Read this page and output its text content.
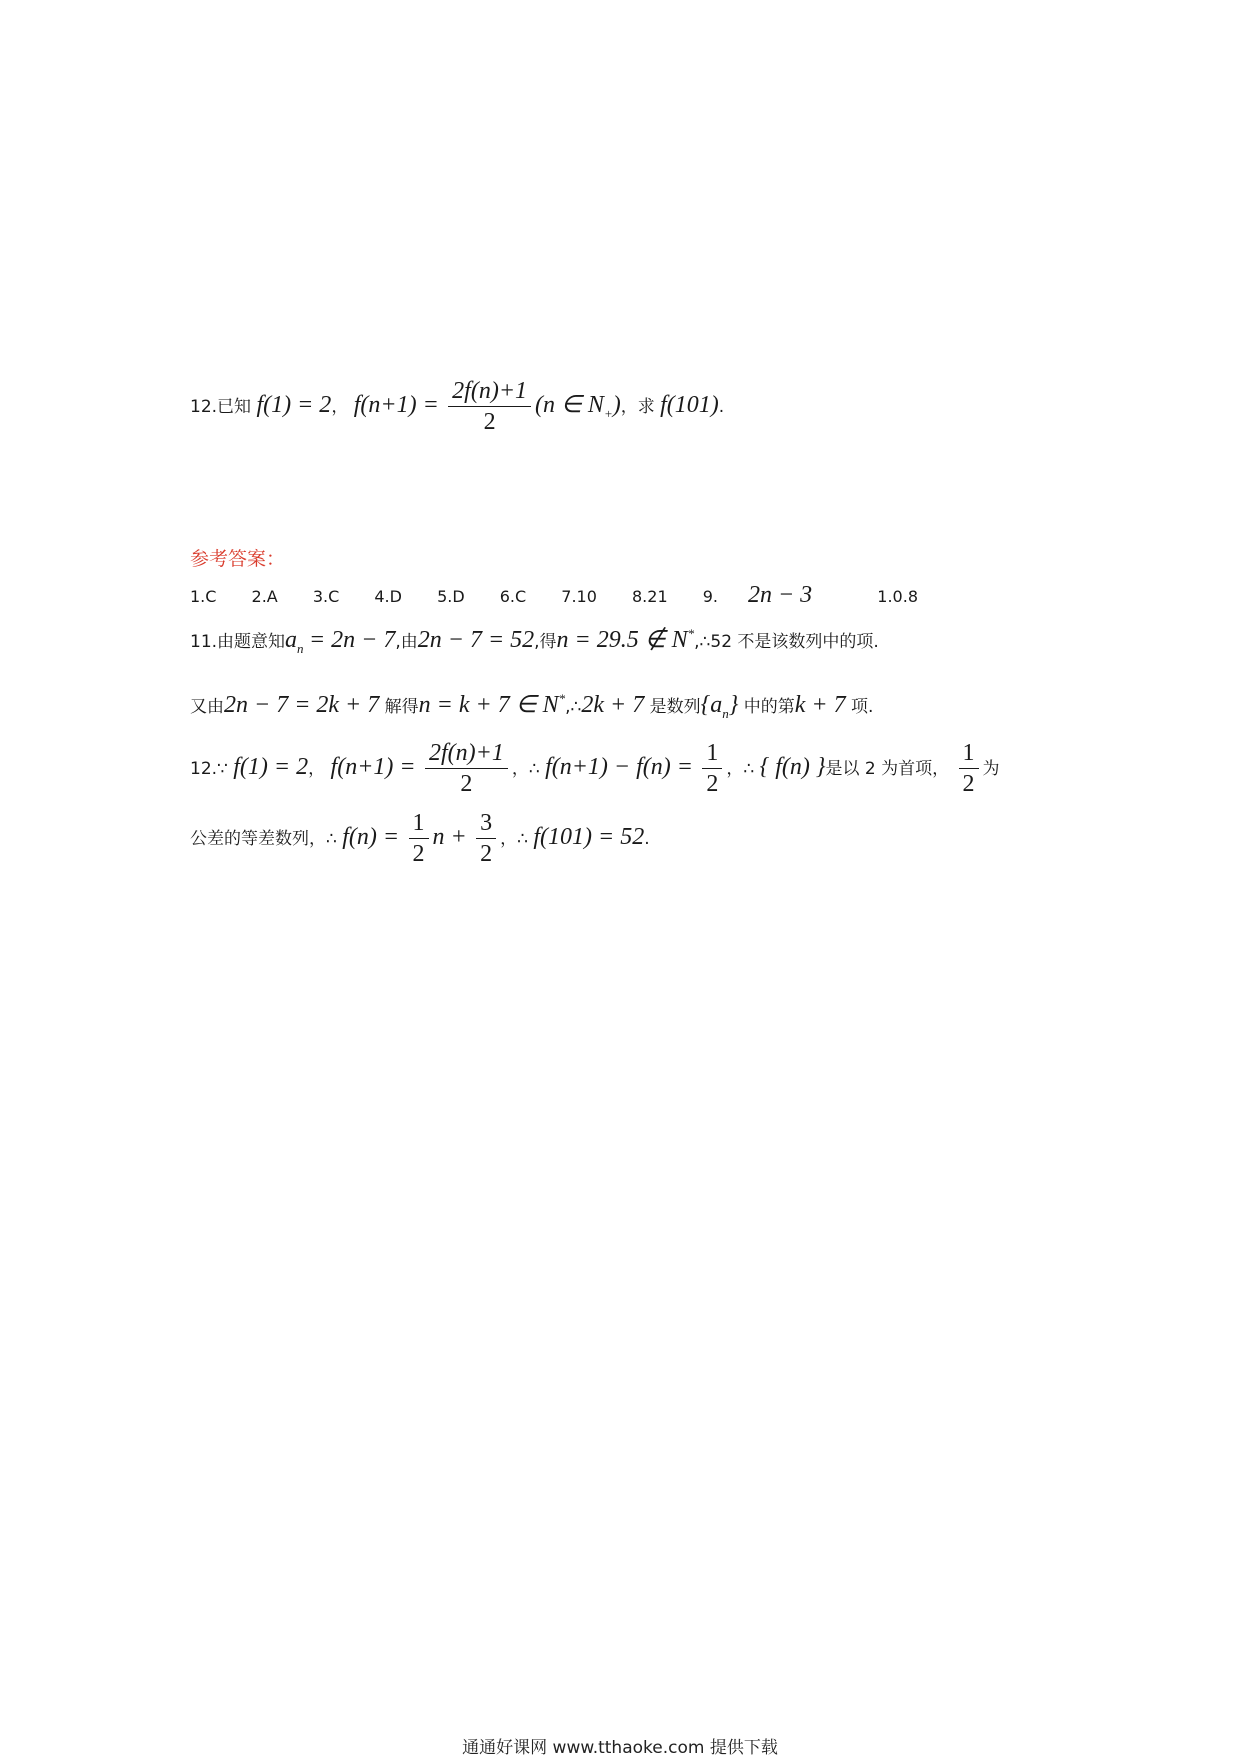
12.已知 f(1) = 2， $f(n+1) = \frac{2f(n)+1}{2} (n$ ∈ $N_+$)，求 f(101).
参考答案：
1.C 2.A 3.C 4.D 5.D 6.C 7.10 8.21 9. 2n − 3	1.0.8
11.由题意知$a_n = 2n - 7$,由2n − 7 = 52,得n = 29.5 ∉ N*,∴52 不是该数列中的项.
又由2n − 7 = 2k + 7 解得n = k + 7 ∈ N*,∴2k + 7 是数列$\{a_n\}$ 中的第k + 7 项.
12.∵ f(1) = 2， $f(n+1) = \frac{2f(n)+1}{2}$ ，∴ $f(n+1) - f(n) = \frac{1}{2}$ ，∴ { f(n) }是以 2 为首项， $\frac{1}{2}$ 为
公差的等差数列，∴ $f(n) = \frac{1}{2}$ $n + \frac{3}{2}$ ，∴ f(101) = 52.
通通好课网 www.tthaoke.com 提供下载
